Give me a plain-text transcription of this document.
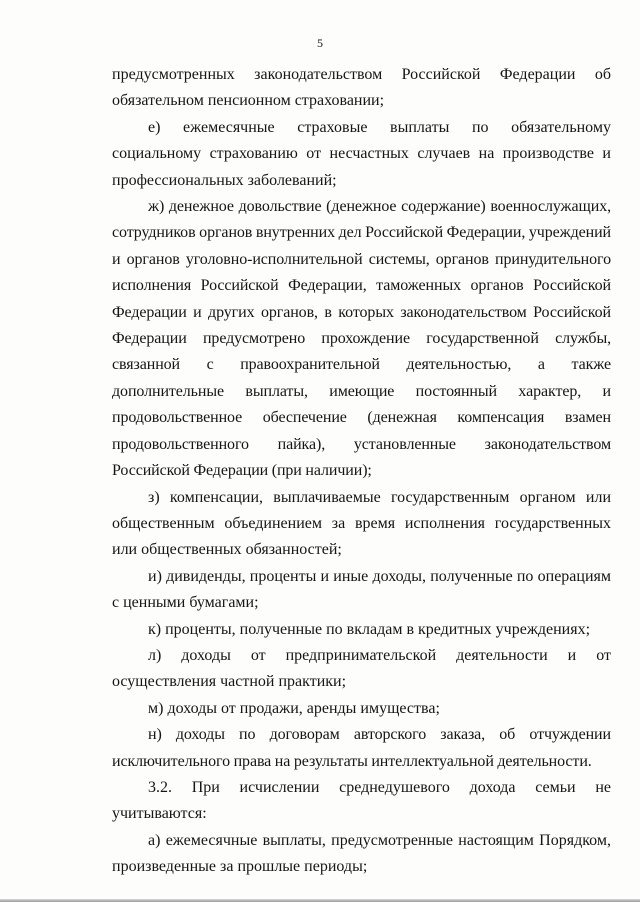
5

предусмотренных законодательством Российской Федерации об обязательном пенсионном страховании;

е) ежемесячные страховые выплаты по обязательному социальному страхованию от несчастных случаев на производстве и профессиональных заболеваний;

ж) денежное довольствие (денежное содержание) военнослужащих, сотрудников органов внутренних дел Российской Федерации, учреждений и органов уголовно-исполнительной системы, органов принудительного исполнения Российской Федерации, таможенных органов Российской Федерации и других органов, в которых законодательством Российской Федерации предусмотрено прохождение государственной службы, связанной с правоохранительной деятельностью, а также дополнительные выплаты, имеющие постоянный характер, и продовольственное обеспечение (денежная компенсация взамен продовольственного пайка), установленные законодательством Российской Федерации (при наличии);

з) компенсации, выплачиваемые государственным органом или общественным объединением за время исполнения государственных или общественных обязанностей;

и) дивиденды, проценты и иные доходы, полученные по операциям с ценными бумагами;

к) проценты, полученные по вкладам в кредитных учреждениях;

л) доходы от предпринимательской деятельности и от осуществления частной практики;

м) доходы от продажи, аренды имущества;

н) доходы по договорам авторского заказа, об отчуждении исключительного права на результаты интеллектуальной деятельности.

3.2. При исчислении среднедушевого дохода семьи не учитываются:

а) ежемесячные выплаты, предусмотренные настоящим Порядком, произведенные за прошлые периоды;
